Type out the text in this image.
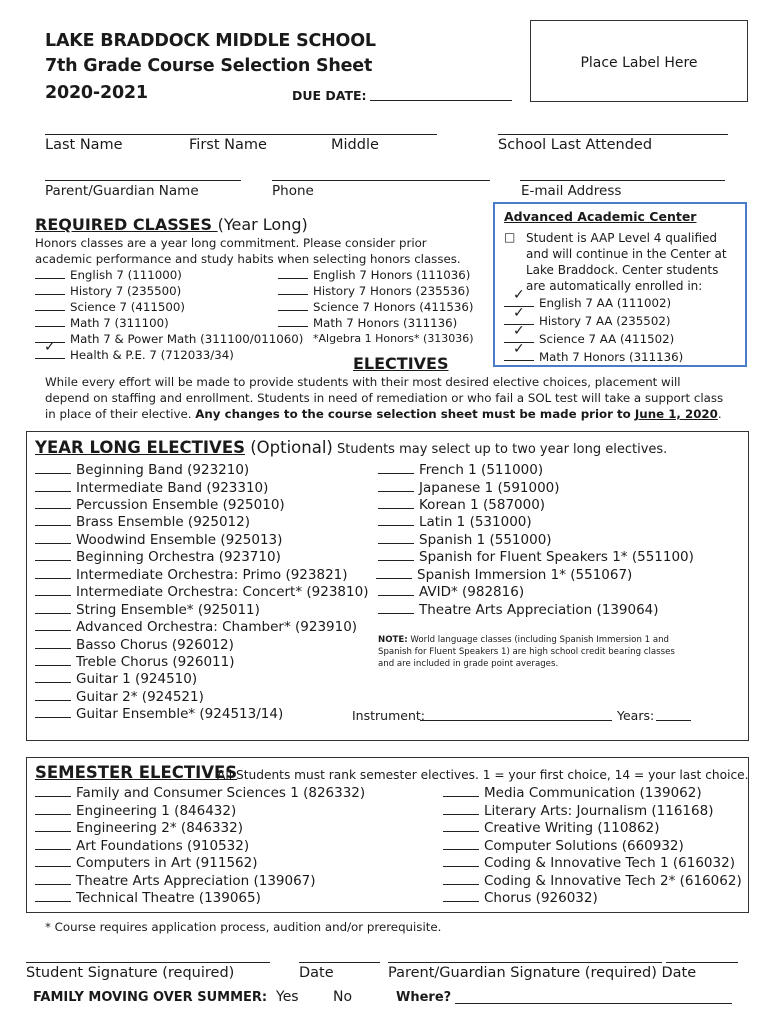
LAKE BRADDOCK MIDDLE SCHOOL
7th Grade Course Selection Sheet
2020-2021	DUE DATE:
Place Label Here
Last Name	First Name	Middle	School Last Attended
Parent/Guardian Name	Phone	E-mail Address
REQUIRED CLASSES (Year Long)
Honors classes are a year long commitment. Please consider prior
academic performance and study habits when selecting honors classes.
English 7 (111000)
History 7 (235500)
Science 7 (411500)
Math 7 (311100)
Math 7 & Power Math (311100/011060)
✓ Health & P.E. 7 (712033/34)
English 7 Honors (111036)
History 7 Honors (235536)
Science 7 Honors (411536)
Math 7 Honors (311136)
*Algebra 1 Honors* (313036)
Advanced Academic Center
□ Student is AAP Level 4 qualified
and will continue in the Center at
Lake Braddock. Center students
are automatically enrolled in:
✓ English 7 AA (111002)
✓ History 7 AA (235502)
✓ Science 7 AA (411502)
✓ Math 7 Honors (311136)
ELECTIVES
While every effort will be made to provide students with their most desired elective choices, placement will
depend on staffing and enrollment. Students in need of remediation or who fail a SOL test will take a support class
in place of their elective. Any changes to the course selection sheet must be made prior to June 1, 2020.
YEAR LONG ELECTIVES (Optional) Students may select up to two year long electives.
Beginning Band (923210)
Intermediate Band (923310)
Percussion Ensemble (925010)
Brass Ensemble (925012)
Woodwind Ensemble (925013)
Beginning Orchestra (923710)
Intermediate Orchestra: Primo (923821)
Intermediate Orchestra: Concert* (923810)
String Ensemble* (925011)
Advanced Orchestra: Chamber* (923910)
Basso Chorus (926012)
Treble Chorus (926011)
Guitar 1 (924510)
Guitar 2* (924521)
Guitar Ensemble* (924513/14)
French 1 (511000)
Japanese 1 (591000)
Korean 1 (587000)
Latin 1 (531000)
Spanish 1 (551000)
Spanish for Fluent Speakers 1* (551100)
Spanish Immersion 1* (551067)
AVID* (982816)
Theatre Arts Appreciation (139064)
NOTE: World language classes (including Spanish Immersion 1 and
Spanish for Fluent Speakers 1) are high school credit bearing classes
and are included in grade point averages.
Instrument:	Years:
SEMESTER ELECTIVES
All Students must rank semester electives. 1 = your first choice, 14 = your last choice.
Family and Consumer Sciences 1 (826332)
Engineering 1 (846432)
Engineering 2* (846332)
Art Foundations (910532)
Computers in Art (911562)
Theatre Arts Appreciation (139067)
Technical Theatre (139065)
Media Communication (139062)
Literary Arts: Journalism (116168)
Creative Writing (110862)
Computer Solutions (660932)
Coding & Innovative Tech 1 (616032)
Coding & Innovative Tech 2* (616062)
Chorus (926032)
* Course requires application process, audition and/or prerequisite.
Student Signature (required)	Date	Parent/Guardian Signature (required) Date
FAMILY MOVING OVER SUMMER: Yes No	Where?
